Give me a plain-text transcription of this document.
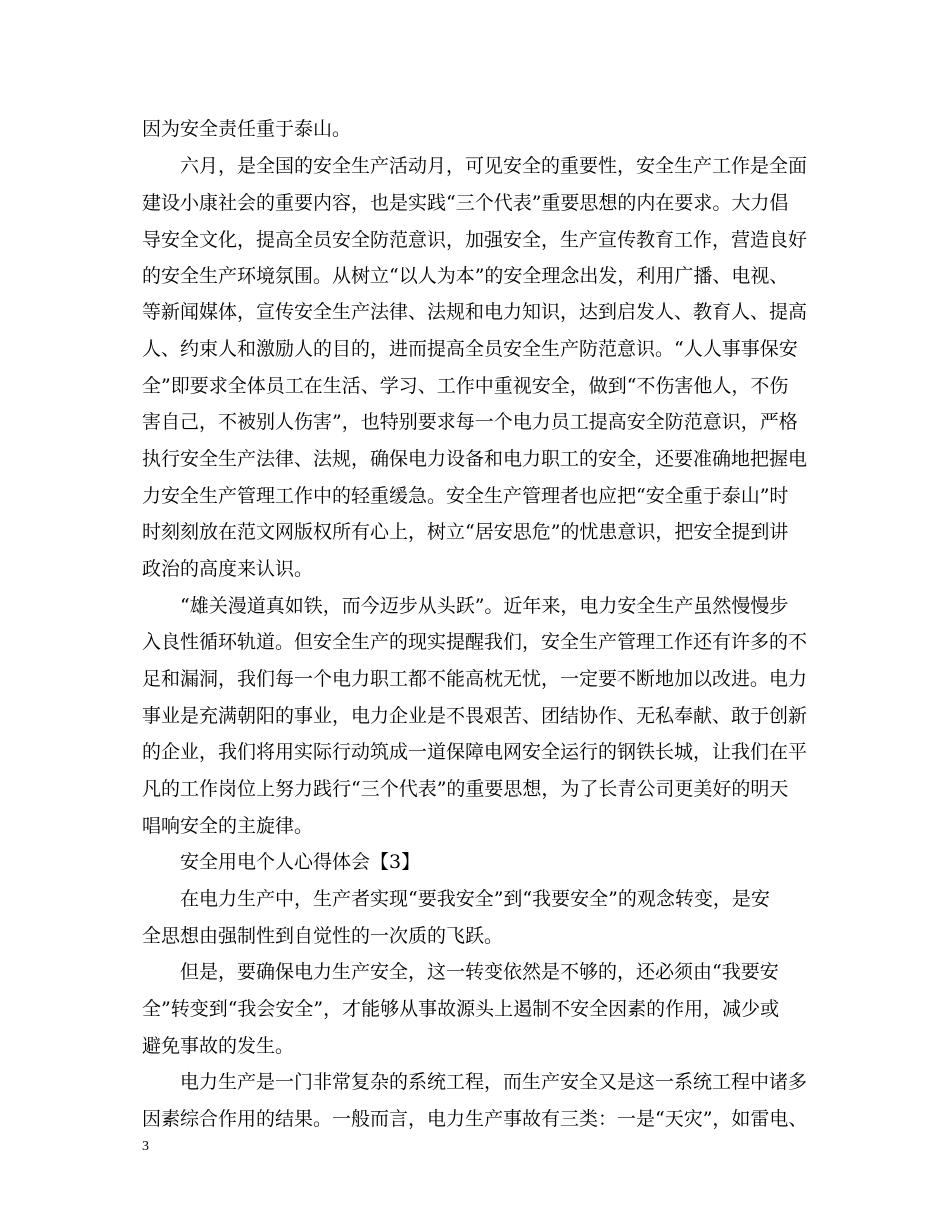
因为安全责任重于泰山。
六月，是全国的安全生产活动月，可见安全的重要性，安全生产工作是全面
建设小康社会的重要内容，也是实践“三个代表”重要思想的内在要求。大力倡
导安全文化，提高全员安全防范意识，加强安全，生产宣传教育工作，营造良好
的安全生产环境氛围。从树立“以人为本”的安全理念出发，利用广播、电视、
等新闻媒体，宣传安全生产法律、法规和电力知识，达到启发人、教育人、提高
人、约束人和激励人的目的，进而提高全员安全生产防范意识。“人人事事保安
全”即要求全体员工在生活、学习、工作中重视安全，做到“不伤害他人，不伤
害自己，不被别人伤害”，也特别要求每一个电力员工提高安全防范意识，严格
执行安全生产法律、法规，确保电力设备和电力职工的安全，还要准确地把握电
力安全生产管理工作中的轻重缓急。安全生产管理者也应把“安全重于泰山”时
时刻刻放在范文网版权所有心上，树立“居安思危”的忧患意识，把安全提到讲
政治的高度来认识。
“雄关漫道真如铁，而今迈步从头跃”。近年来，电力安全生产虽然慢慢步
入良性循环轨道。但安全生产的现实提醒我们，安全生产管理工作还有许多的不
足和漏洞，我们每一个电力职工都不能高枕无忧，一定要不断地加以改进。电力
事业是充满朝阳的事业，电力企业是不畏艰苦、团结协作、无私奉献、敢于创新
的企业，我们将用实际行动筑成一道保障电网安全运行的钢铁长城，让我们在平
凡的工作岗位上努力践行“三个代表”的重要思想，为了长青公司更美好的明天
唱响安全的主旋律。
安全用电个人心得体会【3】
在电力生产中，生产者实现“要我安全”到“我要安全”的观念转变，是安
全思想由强制性到自觉性的一次质的飞跃。
但是，要确保电力生产安全，这一转变依然是不够的，还必须由“我要安
全”转变到“我会安全”，才能够从事故源头上遏制不安全因素的作用，减少或
避免事故的发生。
电力生产是一门非常复杂的系统工程，而生产安全又是这一系统工程中诸多
因素综合作用的结果。一般而言，电力生产事故有三类：一是“天灾”，如雷电、
3
